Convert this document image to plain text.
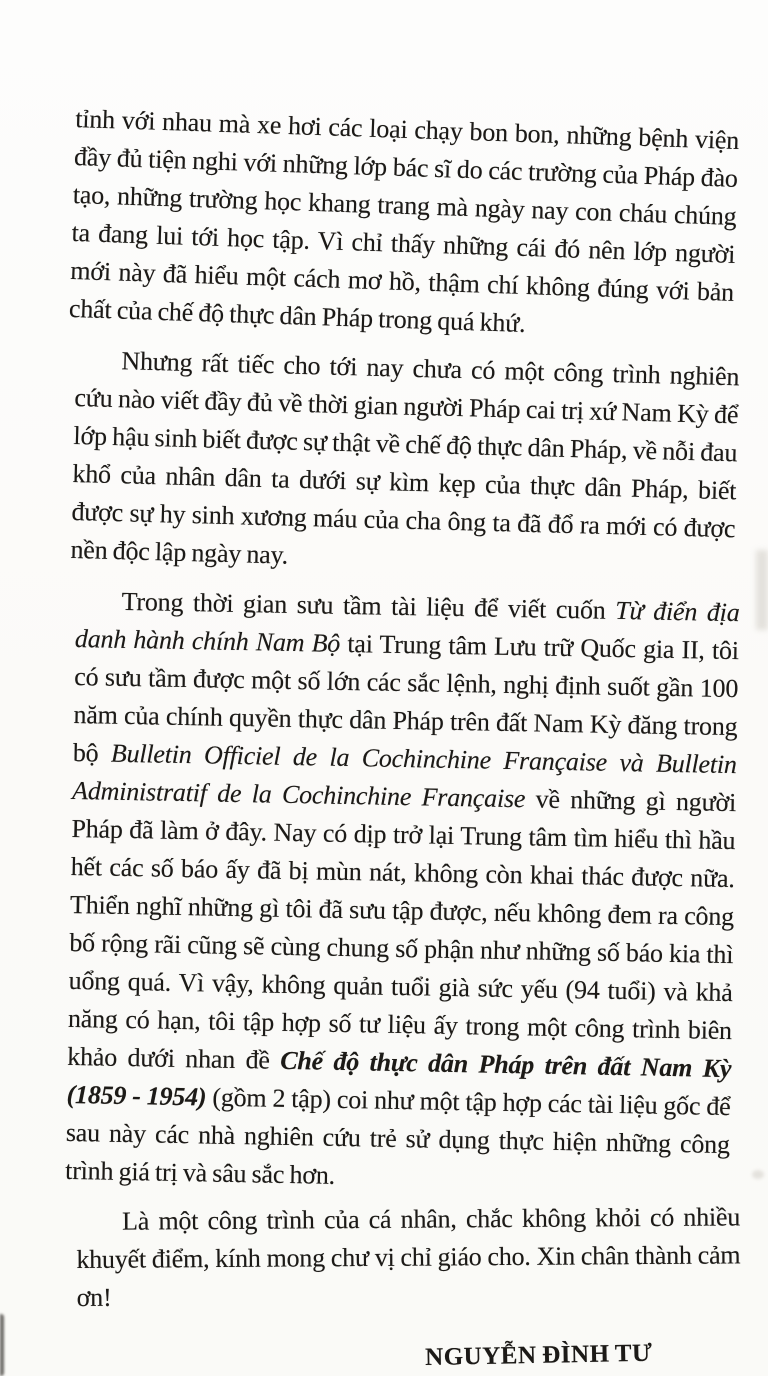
tỉnh với nhau mà xe hơi các loại chạy bon bon, những bệnh viện đầy đủ tiện nghi với những lớp bác sĩ do các trường của Pháp đào tạo, những trường học khang trang mà ngày nay con cháu chúng ta đang lui tới học tập. Vì chỉ thấy những cái đó nên lớp người mới này đã hiểu một cách mơ hồ, thậm chí không đúng với bản chất của chế độ thực dân Pháp trong quá khứ.

Nhưng rất tiếc cho tới nay chưa có một công trình nghiên cứu nào viết đầy đủ về thời gian người Pháp cai trị xứ Nam Kỳ để lớp hậu sinh biết được sự thật về chế độ thực dân Pháp, về nỗi đau khổ của nhân dân ta dưới sự kìm kẹp của thực dân Pháp, biết được sự hy sinh xương máu của cha ông ta đã đổ ra mới có được nền độc lập ngày nay.

Trong thời gian sưu tầm tài liệu để viết cuốn Từ điển địa danh hành chính Nam Bộ tại Trung tâm Lưu trữ Quốc gia II, tôi có sưu tầm được một số lớn các sắc lệnh, nghị định suốt gần 100 năm của chính quyền thực dân Pháp trên đất Nam Kỳ đăng trong bộ Bulletin Officiel de la Cochinchine Française và Bulletin Administratif de la Cochinchine Française về những gì người Pháp đã làm ở đây. Nay có dịp trở lại Trung tâm tìm hiểu thì hầu hết các số báo ấy đã bị mùn nát, không còn khai thác được nữa. Thiển nghĩ những gì tôi đã sưu tập được, nếu không đem ra công bố rộng rãi cũng sẽ cùng chung số phận như những số báo kia thì uổng quá. Vì vậy, không quản tuổi già sức yếu (94 tuổi) và khả năng có hạn, tôi tập hợp số tư liệu ấy trong một công trình biên khảo dưới nhan đề Chế độ thực dân Pháp trên đất Nam Kỳ (1859 - 1954) (gồm 2 tập) coi như một tập hợp các tài liệu gốc để sau này các nhà nghiên cứu trẻ sử dụng thực hiện những công trình giá trị và sâu sắc hơn.

Là một công trình của cá nhân, chắc không khỏi có nhiều khuyết điểm, kính mong chư vị chỉ giáo cho. Xin chân thành cảm ơn!

NGUYỄN ĐÌNH TƯ
